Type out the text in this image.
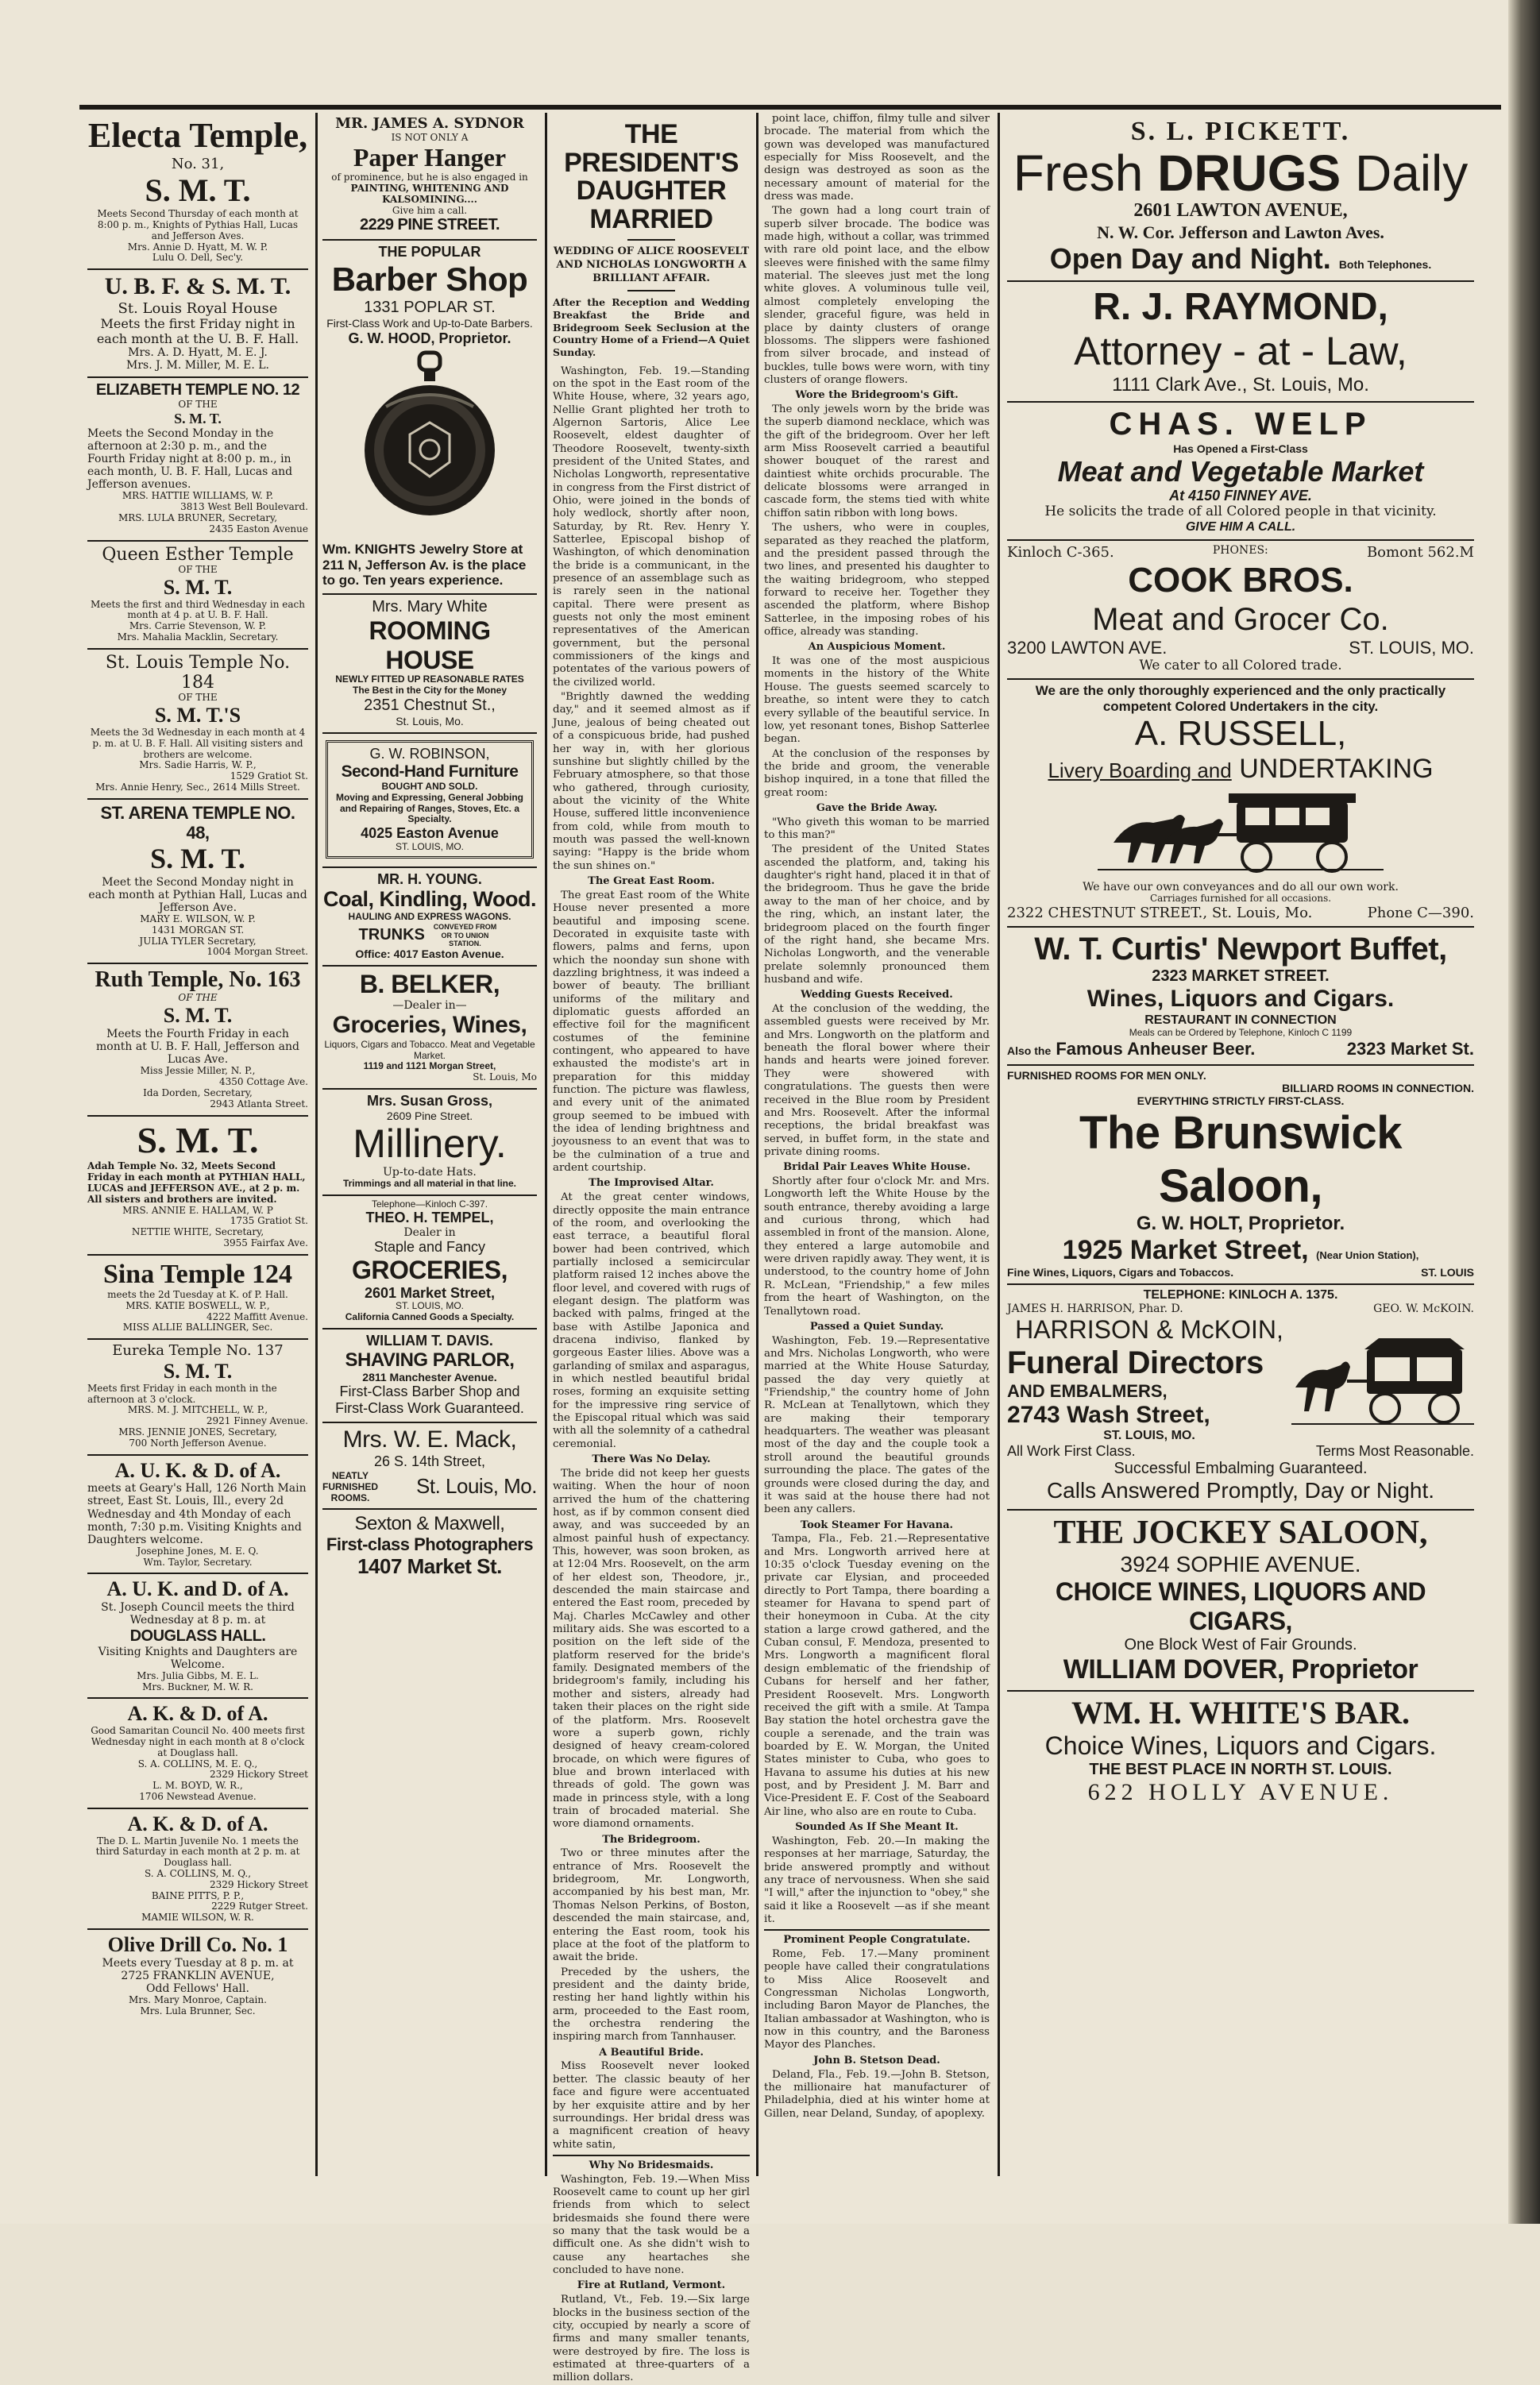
Electa Temple,

No. 31,

S. M. T.

Meets Second Thursday of each month at 8:00 p. m., Knights of Pythias Hall, Lucas and Jefferson Aves.

Mrs. Annie D. Hyatt, M. W. P.

Lulu O. Dell, Sec'y.

U. B. F. & S. M. T.

St. Louis Royal House

Meets the first Friday night in each month at the U. B. F. Hall.

Mrs. A. D. Hyatt, M. E. J.

Mrs. J. M. Miller, M. E. L.

ELIZABETH TEMPLE NO. 12

OF THE

S. M. T.

Meets the Second Monday in the afternoon at 2:30 p. m., and the Fourth Friday night at 8:00 p. m., in each month, U. B. F. Hall, Lucas and Jefferson avenues.

MRS. HATTIE WILLIAMS, W. P.

3813 West Bell Boulevard.

MRS. LULA BRUNER, Secretary,

2435 Easton Avenue

Queen Esther Temple

OF THE

S. M. T.

Meets the first and third Wednesday in each month at 4 p. at U. B. F. Hall.

Mrs. Carrie Stevenson, W. P.

Mrs. Mahalia Macklin, Secretary.

St. Louis Temple No. 184

OF THE

S. M. T.'S

Meets the 3d Wednesday in each month at 4 p. m. at U. B. F. Hall. All visiting sisters and brothers are welcome.

Mrs. Sadie Harris, W. P.,

1529 Gratiot St.

Mrs. Annie Henry, Sec., 2614 Mills Street.

ST. ARENA TEMPLE NO. 48,

S. M. T.

Meet the Second Monday night in each month at Pythian Hall, Lucas and Jefferson Ave.

MARY E. WILSON, W. P.

1431 MORGAN ST.

JULIA TYLER Secretary,

1004 Morgan Street.

Ruth Temple, No. 163

OF THE

S. M. T.

Meets the Fourth Friday in each month at U. B. F. Hall, Jefferson and Lucas Ave.

Miss Jessie Miller, N. P.,

4350 Cottage Ave.

Ida Dorden, Secretary,

2943 Atlanta Street.

S. M. T.

Adah Temple No. 32, Meets Second Friday in each month at PYTHIAN HALL, LUCAS and JEFFERSON AVE., at 2 p. m. All sisters and brothers are invited.

MRS. ANNIE E. HALLAM, W. P

1735 Gratiot St.

NETTIE WHITE, Secretary,

3955 Fairfax Ave.

Sina Temple 124

meets the 2d Tuesday at K. of P. Hall.

MRS. KATIE BOSWELL, W. P.,

4222 Maffitt Avenue.

MISS ALLIE BALLINGER, Sec.

Eureka Temple No. 137

S. M. T.

Meets first Friday in each month in the afternoon at 3 o'clock.

MRS. M. J. MITCHELL, W. P.,

2921 Finney Avenue.

MRS. JENNIE JONES, Secretary,

700 North Jefferson Avenue.

A. U. K. & D. of A.

meets at Geary's Hall, 126 North Main street, East St. Louis, Ill., every 2d Wednesday and 4th Monday of each month, 7:30 p.m. Visiting Knights and Daughters welcome.

Josephine Jones, M. E. Q.

Wm. Taylor, Secretary.

A. U. K. and D. of A.

St. Joseph Council meets the third Wednesday at 8 p. m. at

DOUGLASS HALL.

Visiting Knights and Daughters are Welcome.

Mrs. Julia Gibbs, M. E. L.

Mrs. Buckner, M. W. R.

A. K. & D. of A.

Good Samaritan Council No. 400 meets first Wednesday night in each month at 8 o'clock at Douglass hall.

S. A. COLLINS, M. E. Q.,

2329 Hickory Street

L. M. BOYD, W. R.,

1706 Newstead Avenue.

A. K. & D. of A.

The D. L. Martin Juvenile No. 1 meets the third Saturday in each month at 2 p. m. at Douglass hall.

S. A. COLLINS, M. Q.,

2329 Hickory Street

BAINE PITTS, P. P.,

2229 Rutger Street.

MAMIE WILSON, W. R.

Olive Drill Co. No. 1

Meets every Tuesday at 8 p. m. at

2725 FRANKLIN AVENUE,

Odd Fellows' Hall.

Mrs. Mary Monroe, Captain.

Mrs. Lula Brunner, Sec.

MR. JAMES A. SYDNOR

IS NOT ONLY A

Paper Hanger

of prominence, but he is also engaged in

PAINTING, WHITENING AND KALSOMINING....

Give him a call.

2229 PINE STREET.

THE POPULAR

Barber Shop

1331 POPLAR ST.

First-Class Work and Up-to-Date Barbers.

G. W. HOOD, Proprietor.

Wm. KNIGHTS Jewelry Store at 211 N, Jefferson Av. is the place to go. Ten years experience.

Mrs. Mary White

ROOMING HOUSE

NEWLY FITTED UP REASONABLE RATES

The Best in the City for the Money

2351 Chestnut St.,

St. Louis, Mo.

G. W. ROBINSON,

Second-Hand Furniture

BOUGHT AND SOLD.

Moving and Expressing, General Jobbing and Repairing of Ranges, Stoves, Etc. a Specialty.

4025 Easton Avenue

ST. LOUIS, MO.

MR. H. YOUNG.

Coal, Kindling, Wood.

HAULING AND EXPRESS WAGONS.

TRUNKS CONVEYED FROM OR TO UNION STATION.

Office: 4017 Easton Avenue.

B. BELKER,

—Dealer in—

Groceries, Wines,

Liquors, Cigars and Tobacco. Meat and Vegetable Market.

1119 and 1121 Morgan Street,

St. Louis, Mo

Mrs. Susan Gross,

2609 Pine Street.

Millinery.

Up-to-date Hats.

Trimmings and all material in that line.

Telephone—Kinloch C-397.

THEO. H. TEMPEL,

Dealer in

Staple and Fancy

GROCERIES,

2601 Market Street,

ST. LOUIS, MO.

California Canned Goods a Specialty.

WILLIAM T. DAVIS.

SHAVING PARLOR,

2811 Manchester Avenue.

First-Class Barber Shop and First-Class Work Guaranteed.

Mrs. W. E. Mack,

26 S. 14th Street,

NEATLY FURNISHED ROOMS.	St. Louis, Mo.

Sexton & Maxwell,

First-class Photographers

1407 Market St.

THE PRESIDENT'S DAUGHTER MARRIED

WEDDING OF ALICE ROOSEVELT AND NICHOLAS LONGWORTH A BRILLIANT AFFAIR.

After the Reception and Wedding Breakfast the Bride and Bridegroom Seek Seclusion at the Country Home of a Friend—A Quiet Sunday.

Washington, Feb. 19.—Standing on the spot in the East room of the White House, where, 32 years ago, Nellie Grant plighted her troth to Algernon Sartoris, Alice Lee Roosevelt, eldest daughter of Theodore Roosevelt, twenty-sixth president of the United States, and Nicholas Longworth, representative in congress from the First district of Ohio, were joined in the bonds of holy wedlock, shortly after noon, Saturday, by Rt. Rev. Henry Y. Satterlee, Episcopal bishop of Washington, of which denomination the bride is a communicant, in the presence of an assemblage such as is rarely seen in the national capital. There were present as guests not only the most eminent representatives of the American government, but the personal commissioners of the kings and potentates of the various powers of the civilized world.

"Brightly dawned the wedding day," and it seemed almost as if June, jealous of being cheated out of a conspicuous bride, had pushed her way in, with her glorious sunshine but slightly chilled by the February atmosphere, so that those who gathered, through curiosity, about the vicinity of the White House, suffered little inconvenience from cold, while from mouth to mouth was passed the well-known saying: "Happy is the bride whom the sun shines on."

The Great East Room.

The great East room of the White House never presented a more beautiful and imposing scene. Decorated in exquisite taste with flowers, palms and ferns, upon which the noonday sun shone with dazzling brightness, it was indeed a bower of beauty. The brilliant uniforms of the military and diplomatic guests afforded an effective foil for the magnificent costumes of the feminine contingent, who appeared to have exhausted the modiste's art in preparation for this midday function. The picture was flawless, and every unit of the animated group seemed to be imbued with the idea of lending brightness and joyousness to an event that was to be the culmination of a true and ardent courtship.

The Improvised Altar.

At the great center windows, directly opposite the main entrance of the room, and overlooking the east terrace, a beautiful floral bower had been contrived, which partially inclosed a semicircular platform raised 12 inches above the floor level, and covered with rugs of elegant design. The platform was backed with palms, fringed at the base with Astilbe Japonica and dracena indiviso, flanked by gorgeous Easter lilies. Above was a garlanding of smilax and asparagus, in which nestled beautiful bridal roses, forming an exquisite setting for the impressive ring service of the Episcopal ritual which was said with all the solemnity of a cathedral ceremonial.

There Was No Delay.

The bride did not keep her guests waiting. When the hour of noon arrived the hum of the chattering host, as if by common consent died away, and was succeeded by an almost painful hush of expectancy. This, however, was soon broken, as at 12:04 Mrs. Roosevelt, on the arm of her eldest son, Theodore, jr., descended the main staircase and entered the East room, preceded by Maj. Charles McCawley and other military aids. She was escorted to a position on the left side of the platform reserved for the bride's family. Designated members of the bridegroom's family, including his mother and sisters, already had taken their places on the right side of the platform. Mrs. Roosevelt wore a superb gown, richly designed of heavy cream-colored brocade, on which were figures of blue and brown interlaced with threads of gold. The gown was made in princess style, with a long train of brocaded material. She wore diamond ornaments.

The Bridegroom.

Two or three minutes after the entrance of Mrs. Roosevelt the bridegroom, Mr. Longworth, accompanied by his best man, Mr. Thomas Nelson Perkins, of Boston, descended the main staircase, and, entering the East room, took his place at the foot of the platform to await the bride.

Preceded by the ushers, the president and the dainty bride, resting her hand lightly within his arm, proceeded to the East room, the orchestra rendering the inspiring march from Tannhauser.

A Beautiful Bride.

Miss Roosevelt never looked better. The classic beauty of her face and figure were accentuated by her exquisite attire and by her surroundings. Her bridal dress was a magnificent creation of heavy white satin,

Why No Bridesmaids.

Washington, Feb. 19.—When Miss Roosevelt came to count up her girl friends from which to select bridesmaids she found there were so many that the task would be a difficult one. As she didn't wish to cause any heartaches she concluded to have none.

Fire at Rutland, Vermont.

Rutland, Vt., Feb. 19.—Six large blocks in the business section of the city, occupied by nearly a score of firms and many smaller tenants, were destroyed by fire. The loss is estimated at three-quarters of a million dollars.

point lace, chiffon, filmy tulle and silver brocade. The material from which the gown was developed was manufactured especially for Miss Roosevelt, and the design was destroyed as soon as the necessary amount of material for the dress was made.

The gown had a long court train of superb silver brocade. The bodice was made high, without a collar, was trimmed with rare old point lace, and the elbow sleeves were finished with the same filmy material. The sleeves just met the long white gloves. A voluminous tulle veil, almost completely enveloping the slender, graceful figure, was held in place by dainty clusters of orange blossoms. The slippers were fashioned from silver brocade, and instead of buckles, tulle bows were worn, with tiny clusters of orange flowers.

Wore the Bridegroom's Gift.

The only jewels worn by the bride was the superb diamond necklace, which was the gift of the bridegroom. Over her left arm Miss Roosevelt carried a beautiful shower bouquet of the rarest and daintiest white orchids procurable. The delicate blossoms were arranged in cascade form, the stems tied with white chiffon satin ribbon with long bows.

The ushers, who were in couples, separated as they reached the platform, and the president passed through the two lines, and presented his daughter to the waiting bridegroom, who stepped forward to receive her. Together they ascended the platform, where Bishop Satterlee, in the imposing robes of his office, already was standing.

An Auspicious Moment.

It was one of the most auspicious moments in the history of the White House. The guests seemed scarcely to breathe, so intent were they to catch every syllable of the beautiful service. In low, yet resonant tones, Bishop Satterlee began.

At the conclusion of the responses by the bride and groom, the venerable bishop inquired, in a tone that filled the great room:

Gave the Bride Away.

"Who giveth this woman to be married to this man?"

The president of the United States ascended the platform, and, taking his daughter's right hand, placed it in that of the bridegroom. Thus he gave the bride away to the man of her choice, and by the ring, which, an instant later, the bridegroom placed on the fourth finger of the right hand, she became Mrs. Nicholas Longworth, and the venerable prelate solemnly pronounced them husband and wife.

Wedding Guests Received.

At the conclusion of the wedding, the assembled guests were received by Mr. and Mrs. Longworth on the platform and beneath the floral bower where their hands and hearts were joined forever. They were showered with congratulations. The guests then were received in the Blue room by President and Mrs. Roosevelt. After the informal receptions, the bridal breakfast was served, in buffet form, in the state and private dining rooms.

Bridal Pair Leaves White House.

Shortly after four o'clock Mr. and Mrs. Longworth left the White House by the south entrance, thereby avoiding a large and curious throng, which had assembled in front of the mansion. Alone, they entered a large automobile and were driven rapidly away. They went, it is understood, to the country home of John R. McLean, "Friendship," a few miles from the heart of Washington, on the Tenallytown road.

Passed a Quiet Sunday.

Washington, Feb. 19.—Representative and Mrs. Nicholas Longworth, who were married at the White House Saturday, passed the day very quietly at "Friendship," the country home of John R. McLean at Tenallytown, which they are making their temporary headquarters. The weather was pleasant most of the day and the couple took a stroll around the beautiful grounds surrounding the place. The gates of the grounds were closed during the day, and it was said at the house there had not been any callers.

Took Steamer For Havana.

Tampa, Fla., Feb. 21.—Representative and Mrs. Longworth arrived here at 10:35 o'clock Tuesday evening on the private car Elysian, and proceeded directly to Port Tampa, there boarding a steamer for Havana to spend part of their honeymoon in Cuba. At the city station a large crowd gathered, and the Cuban consul, F. Mendoza, presented to Mrs. Longworth a magnificent floral design emblematic of the friendship of Cubans for herself and her father, President Roosevelt. Mrs. Longworth received the gift with a smile. At Tampa Bay station the hotel orchestra gave the couple a serenade, and the train was boarded by E. W. Morgan, the United States minister to Cuba, who goes to Havana to assume his duties at his new post, and by President J. M. Barr and Vice-President E. F. Cost of the Seaboard Air line, who also are en route to Cuba.

Sounded As If She Meant It.

Washington, Feb. 20.—In making the responses at her marriage, Saturday, the bride answered promptly and without any trace of nervousness. When she said "I will," after the injunction to "obey," she said it like a Roosevelt —as if she meant it.

Prominent People Congratulate.

Rome, Feb. 17.—Many prominent people have called their congratulations to Miss Alice Roosevelt and Congressman Nicholas Longworth, including Baron Mayor de Planches, the Italian ambassador at Washington, who is now in this country, and the Baroness Mayor des Planches.

John B. Stetson Dead.

Deland, Fla., Feb. 19.—John B. Stetson, the millionaire hat manufacturer of Philadelphia, died at his winter home at Gillen, near Deland, Sunday, of apoplexy.

S. L. PICKETT.

Fresh DRUGS Daily

2601 LAWTON AVENUE,

N. W. Cor. Jefferson and Lawton Aves.

Open Day and Night. Both Telephones.

R. J. RAYMOND,

Attorney - at - Law,

1111 Clark Ave., St. Louis, Mo.

CHAS. WELP

Has Opened a First-Class

Meat and Vegetable Market

At 4150 FINNEY AVE.

He solicits the trade of all Colored people in that vicinity.

GIVE HIM A CALL.

Kinloch C-365.	PHONES:	Bomont 562.M

COOK BROS.

Meat and Grocer Co.

3200 LAWTON AVE.	ST. LOUIS, MO.

We cater to all Colored trade.

We are the only thoroughly experienced and the only practically competent Colored Undertakers in the city.

A. RUSSELL,

Livery Boarding and UNDERTAKING

We have our own conveyances and do all our own work.

Carriages furnished for all occasions.

2322 CHESTNUT STREET., St. Louis, Mo.	Phone C—390.

W. T. Curtis' Newport Buffet,

2323 MARKET STREET.

Wines, Liquors and Cigars.

RESTAURANT IN CONNECTION

Meals can be Ordered by Telephone, Kinloch C 1199

Also the Famous Anheuser Beer.	2323 Market St.

FURNISHED ROOMS FOR MEN ONLY.

BILLIARD ROOMS IN CONNECTION.

EVERYTHING STRICTLY FIRST-CLASS.

The Brunswick Saloon,

G. W. HOLT, Proprietor.

1925 Market Street, (Near Union Station),

Fine Wines, Liquors, Cigars and Tobaccos.	ST. LOUIS

TELEPHONE: KINLOCH A. 1375.

JAMES H. HARRISON, Phar. D.	GEO. W. McKOIN.

HARRISON & McKOIN,

Funeral Directors

AND EMBALMERS,

2743 Wash Street,

ST. LOUIS, MO.

All Work First Class.	Terms Most Reasonable.

Successful Embalming Guaranteed.

Calls Answered Promptly, Day or Night.

THE JOCKEY SALOON,

3924 SOPHIE AVENUE.

CHOICE WINES, LIQUORS AND CIGARS,

One Block West of Fair Grounds.

WILLIAM DOVER, Proprietor

WM. H. WHITE'S BAR.

Choice Wines, Liquors and Cigars.

THE BEST PLACE IN NORTH ST. LOUIS.

622 HOLLY AVENUE.
